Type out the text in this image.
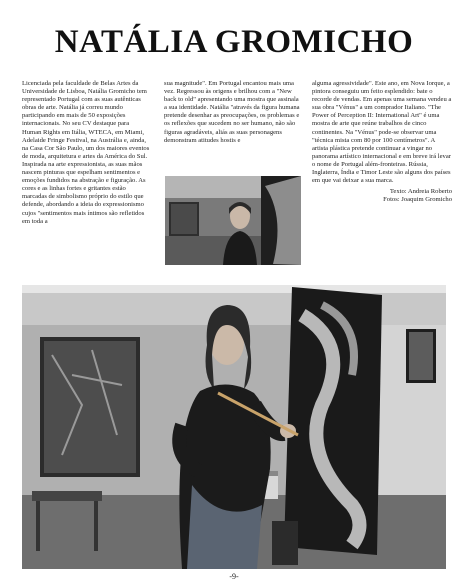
NATÁLIA GROMICHO

Licenciada pela faculdade de Belas Artes da Universidade de Lisboa, Natália Gromicho tem representado Portugal com as suas autênticas obras de arte. Natália já correu mundo participando em mais de 50 exposições internacionais. No seu CV destaque para Human Rights em Itália, WTECA, em Miami, Adelaide Fringe Festival, na Austrália e, ainda, na Casa Cor São Paulo, um dos maiores eventos de moda, arquitetura e artes da América do Sul. Inspirada na arte expressionista, as suas mãos nascem pinturas que espelham sentimentos e emoções fundidos na abstração e figuração. As cores e as linhas fortes e gritantes estão marcadas de simbolismo próprio do estilo que defende, abordando a ideia do expressionismo cujos "sentimentos mais íntimos são refletidos em toda a

sua magnitude". Em Portugal encantou mais uma vez. Regressou às origens e brilhou com a "New back to old" apresentando uma mostra que assinala a sua identidade. Natália "através da figura humana pretende desenhar as preocupações, os problemas e os reflexões que sucedem no ser humano, não são figuras agradáveis, aliás as suas personagens demonstram atitudes hostis e

alguma agressividade". Este ano, em Nova Iorque, a pintora conseguiu um feito esplendido: bate o recorde de vendas. Em apenas uma semana vendeu a sua obra "Vénus" a um comprador Italiano. "The Power of Perception II: International Art" é uma mostra de arte que reúne trabalhos de cinco continentes. Na "Vénus" pode-se observar uma "técnica mista com 80 por 100 centímetros". A artista plástica pretende continuar a vingar no panorama artístico internacional e em breve irá levar o nome de Portugal além-fronteiras. Rússia, Inglaterra, Índia e Timor Leste são alguns dos países em que vai deixar a sua marca.

Texto: Andreia Roberto
Fotos: Joaquim Gromicho
-9-
